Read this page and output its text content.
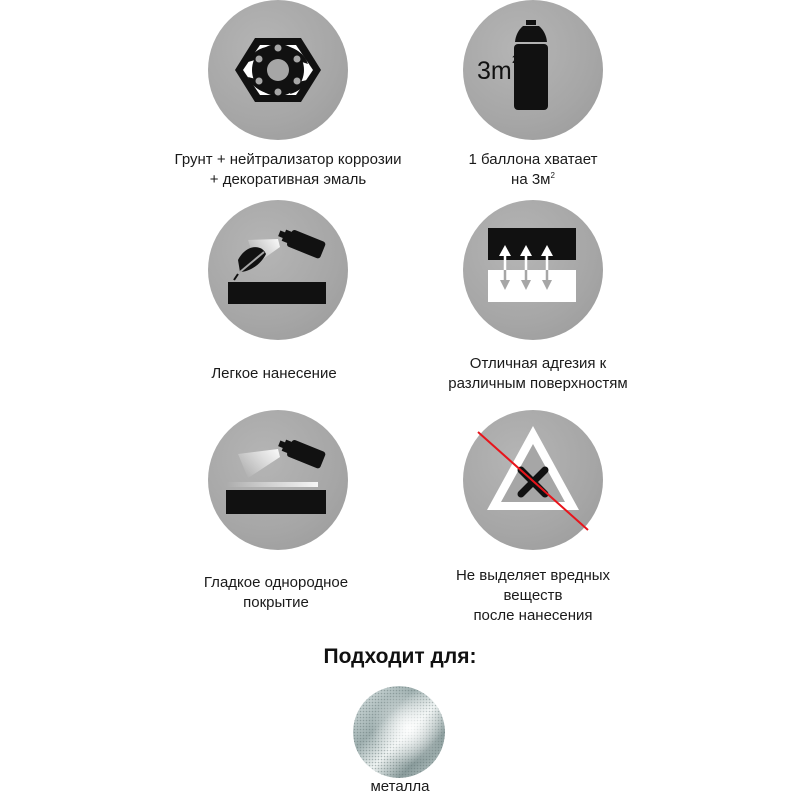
Грунт + нейтрализатор коррозии
+ декоративная эмаль
3m 2
1 баллона хватает
на $3м^2$
Легкое нанесение
Отличная адгезия к
различным поверхностям
Гладкое однородное
покрытие
Не выделяет вредных
веществ
после нанесения
Подходит для:
металла
